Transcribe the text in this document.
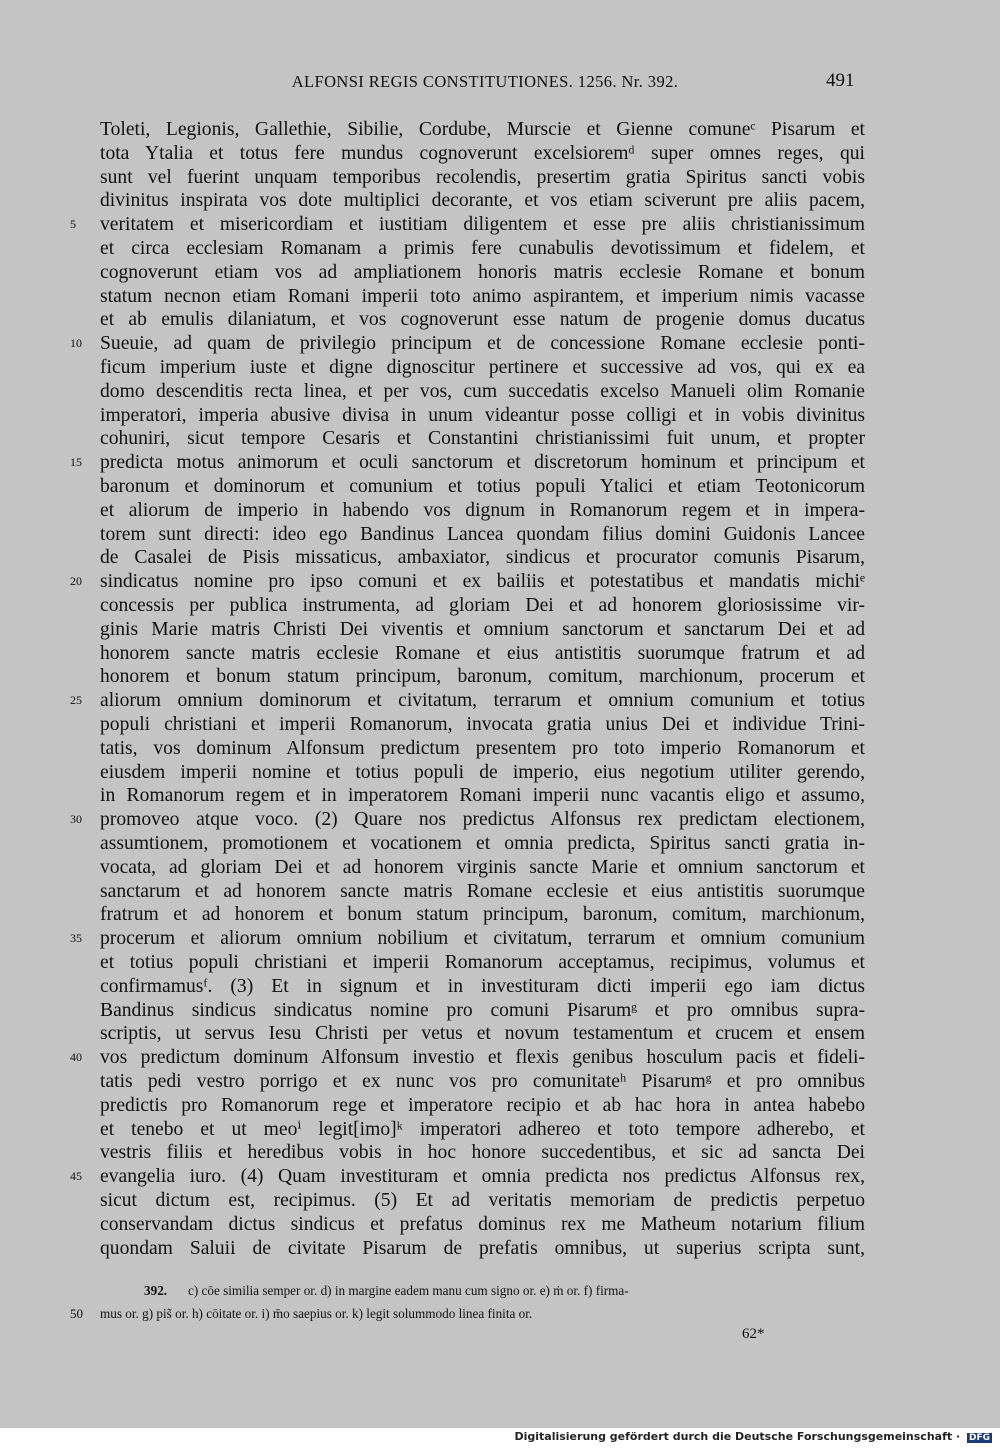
ALFONSI REGIS CONSTITUTIONES. 1256. Nr. 392.	491
Toleti, Legionis, Gallethie, Sibilie, Cordube, Murscie et Gienne comuneᶜ Pisarum et
tota Ytalia et totus fere mundus cognoverunt excelsioremᵈ super omnes reges, qui
sunt vel fuerint unquam temporibus recolendis, presertim gratia Spiritus sancti vobis
divinitus inspirata vos dote multiplici decorante, et vos etiam sciverunt pre aliis pacem,
veritatem et misericordiam et iustitiam diligentem et esse pre aliis christianissimum
et circa ecclesiam Romanam a primis fere cunabulis devotissimum et fidelem, et
cognoverunt etiam vos ad ampliationem honoris matris ecclesie Romane et bonum
statum necnon etiam Romani imperii toto animo aspirantem, et imperium nimis vacasse
et ab emulis dilaniatum, et vos cognoverunt esse natum de progenie domus ducatus
Sueuie, ad quam de privilegio principum et de concessione Romane ecclesie ponti-
ficum imperium iuste et digne dignoscitur pertinere et successive ad vos, qui ex ea
domo descenditis recta linea, et per vos, cum succedatis excelso Manueli olim Romanie
imperatori, imperia abusive divisa in unum videantur posse colligi et in vobis divinitus
cohuniri, sicut tempore Cesaris et Constantini christianissimi fuit unum, et propter
predicta motus animorum et oculi sanctorum et discretorum hominum et principum et
baronum et dominorum et comunium et totius populi Ytalici et etiam Teotonicorum
et aliorum de imperio in habendo vos dignum in Romanorum regem et in impera-
torem sunt directi: ideo ego Bandinus Lancea quondam filius domini Guidonis Lancee
de Casalei de Pisis missaticus, ambaxiator, sindicus et procurator comunis Pisarum,
sindicatus nomine pro ipso comuni et ex bailiis et potestatibus et mandatis michiᵉ
concessis per publica instrumenta, ad gloriam Dei et ad honorem gloriosissime vir-
ginis Marie matris Christi Dei viventis et omnium sanctorum et sanctarum Dei et ad
honorem sancte matris ecclesie Romane et eius antistitis suorumque fratrum et ad
honorem et bonum statum principum, baronum, comitum, marchionum, procerum et
aliorum omnium dominorum et civitatum, terrarum et omnium comunium et totius
populi christiani et imperii Romanorum, invocata gratia unius Dei et individue Trini-
tatis, vos dominum Alfonsum predictum presentem pro toto imperio Romanorum et
eiusdem imperii nomine et totius populi de imperio, eius negotium utiliter gerendo,
in Romanorum regem et in imperatorem Romani imperii nunc vacantis eligo et assumo,
promoveo atque voco. (2) Quare nos predictus Alfonsus rex predictam electionem,
assumtionem, promotionem et vocationem et omnia predicta, Spiritus sancti gratia in-
vocata, ad gloriam Dei et ad honorem virginis sancte Marie et omnium sanctorum et
sanctarum et ad honorem sancte matris Romane ecclesie et eius antistitis suorumque
fratrum et ad honorem et bonum statum principum, baronum, comitum, marchionum,
procerum et aliorum omnium nobilium et civitatum, terrarum et omnium comunium
et totius populi christiani et imperii Romanorum acceptamus, recipimus, volumus et
confirmamusᶠ. (3) Et in signum et in investituram dicti imperii ego iam dictus
Bandinus sindicus sindicatus nomine pro comuni Pisarumᵍ et pro omnibus supra-
scriptis, ut servus Iesu Christi per vetus et novum testamentum et crucem et ensem
vos predictum dominum Alfonsum investio et flexis genibus hosculum pacis et fideli-
tatis pedi vestro porrigo et ex nunc vos pro comunitateʰ Pisarumᵍ et pro omnibus
predictis pro Romanorum rege et imperatore recipio et ab hac hora in antea habebo
et tenebo et ut meoⁱ legit[imo]ᵏ imperatori adhereo et toto tempore adherebo, et
vestris filiis et heredibus vobis in hoc honore succedentibus, et sic ad sancta Dei
evangelia iuro. (4) Quam investituram et omnia predicta nos predictus Alfonsus rex,
sicut dictum est, recipimus. (5) Et ad veritatis memoriam de predictis perpetuo
conservandam dictus sindicus et prefatus dominus rex me Matheum notarium filium
quondam Saluii de civitate Pisarum de prefatis omnibus, ut superius scripta sunt,
5
10
15
20
25
30
35
40
45
392. c) cōe similia semper or. d) in margine eadem manu cum signo or. e) ṁ or. f) firma-
50 mus or. g) pis̃ or. h) cōitate or. i) m̄o saepius or. k) legit solummodo linea finita or.
62*
Digitalisierung gefördert durch die Deutsche Forschungsgemeinschaft · DFG
